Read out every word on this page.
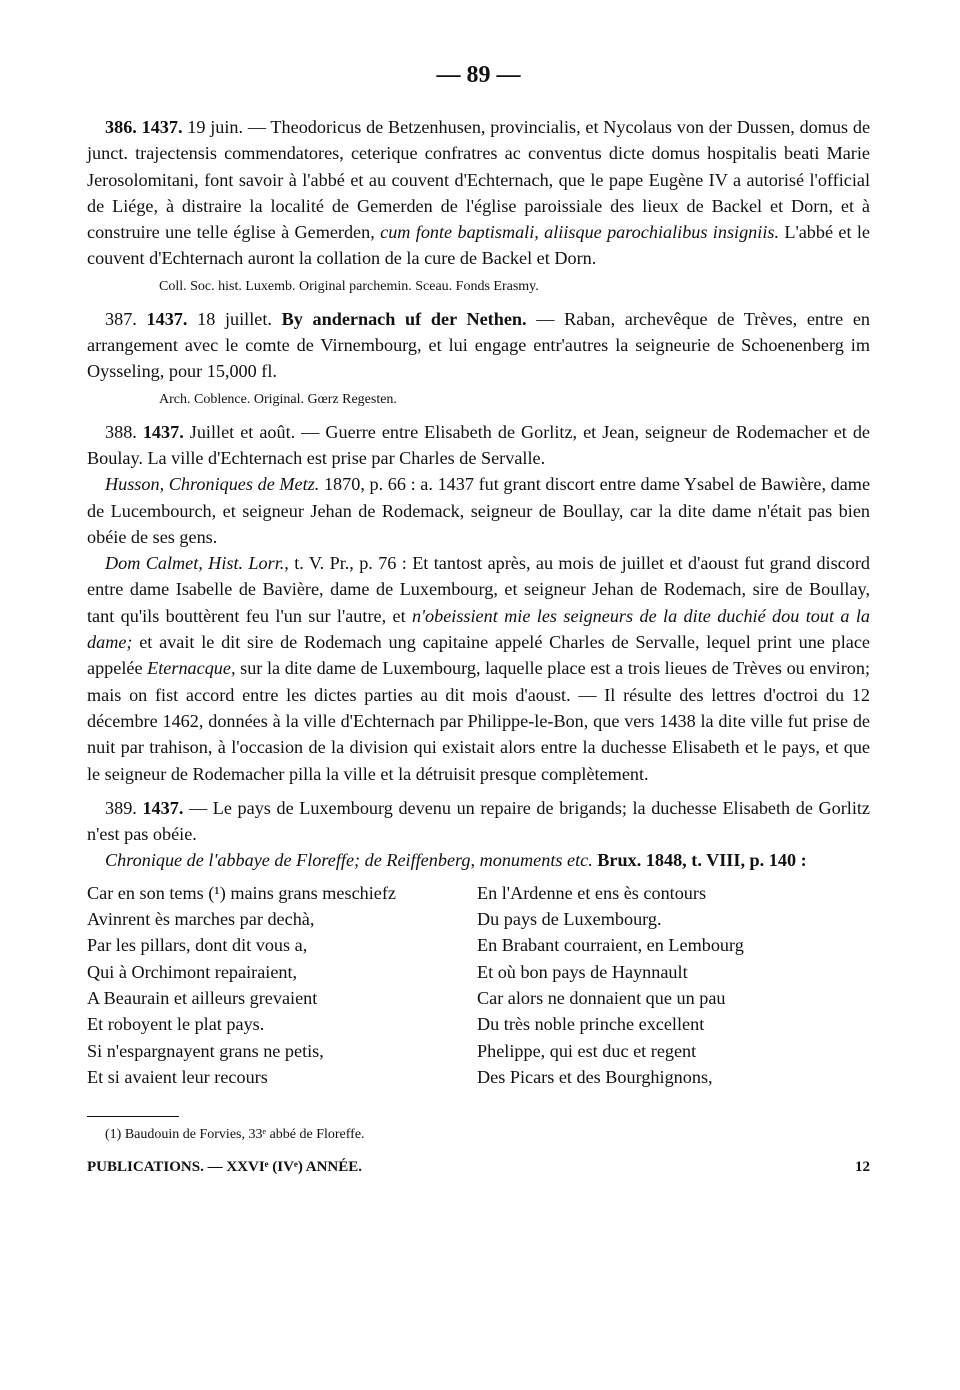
— 89 —

386. 1437. 19 juin. — Theodoricus de Betzenhusen, provincialis, et Nycolaus von der Dussen, domus de junct. trajectensis commendatores, ceterique confratres ac conventus dicte domus hospitalis beati Marie Jerosolomitani, font savoir à l'abbé et au couvent d'Echternach, que le pape Eugène IV a autorisé l'official de Liége, à distraire la localité de Gemerden de l'église paroissiale des lieux de Backel et Dorn, et à construire une telle église à Gemerden, cum fonte baptismali, aliisque parochialibus insigniis. L'abbé et le couvent d'Echternach auront la collation de la cure de Backel et Dorn.

Coll. Soc. hist. Luxemb. Original parchemin. Sceau. Fonds Erasmy.

387. 1437. 18 juillet. By andernach uf der Nethen. — Raban, archevêque de Trèves, entre en arrangement avec le comte de Virnembourg, et lui engage entr'autres la seigneurie de Schoenenberg im Oysseling, pour 15,000 fl.

Arch. Coblence. Original. Gœrz Regesten.

388. 1437. Juillet et août. — Guerre entre Elisabeth de Gorlitz, et Jean, seigneur de Rodemacher et de Boulay. La ville d'Echternach est prise par Charles de Servalle.

Husson, Chroniques de Metz. 1870, p. 66 : a. 1437 fut grant discort entre dame Ysabel de Bawière, dame de Lucembourch, et seigneur Jehan de Rodemack, seigneur de Boullay, car la dite dame n'était pas bien obéie de ses gens.

Dom Calmet, Hist. Lorr., t. V. Pr., p. 76 : Et tantost après, au mois de juillet et d'aoust fut grand discord entre dame Isabelle de Bavière, dame de Luxembourg, et seigneur Jehan de Rodemach, sire de Boullay, tant qu'ils bouttèrent feu l'un sur l'autre, et n'obeissient mie les seigneurs de la dite duchié dou tout a la dame; et avait le dit sire de Rodemach ung capitaine appelé Charles de Servalle, lequel print une place appelée Eternacque, sur la dite dame de Luxembourg, laquelle place est a trois lieues de Trèves ou environ; mais on fist accord entre les dictes parties au dit mois d'aoust. — Il résulte des lettres d'octroi du 12 décembre 1462, données à la ville d'Echternach par Philippe-le-Bon, que vers 1438 la dite ville fut prise de nuit par trahison, à l'occasion de la division qui existait alors entre la duchesse Elisabeth et le pays, et que le seigneur de Rodemacher pilla la ville et la détruisit presque complètement.

389. 1437. — Le pays de Luxembourg devenu un repaire de brigands; la duchesse Elisabeth de Gorlitz n'est pas obéie.

Chronique de l'abbaye de Floreffe; de Reiffenberg, monuments etc. Brux. 1848, t. VIII, p. 140 :

Car en son tems (¹) mains grans meschiefz
Avinrent ès marches par dechà,
Par les pillars, dont dit vous a,
Qui à Orchimont repairaient,
A Beaurain et ailleurs grevaient
Et roboyent le plat pays.
Si n'espargnayent grans ne petis,
Et si avaient leur recours
En l'Ardenne et ens ès contours
Du pays de Luxembourg.
En Brabant courraient, en Lembourg
Et où bon pays de Haynnault
Car alors ne donnaient que un pau
Du très noble prinche excellent
Phelippe, qui est duc et regent
Des Picars et des Bourghignons,
(1) Baudouin de Forvies, 33ᵉ abbé de Floreffe.
PUBLICATIONS. — XXVIᵉ (IVᵉ) ANNÉE.	12
